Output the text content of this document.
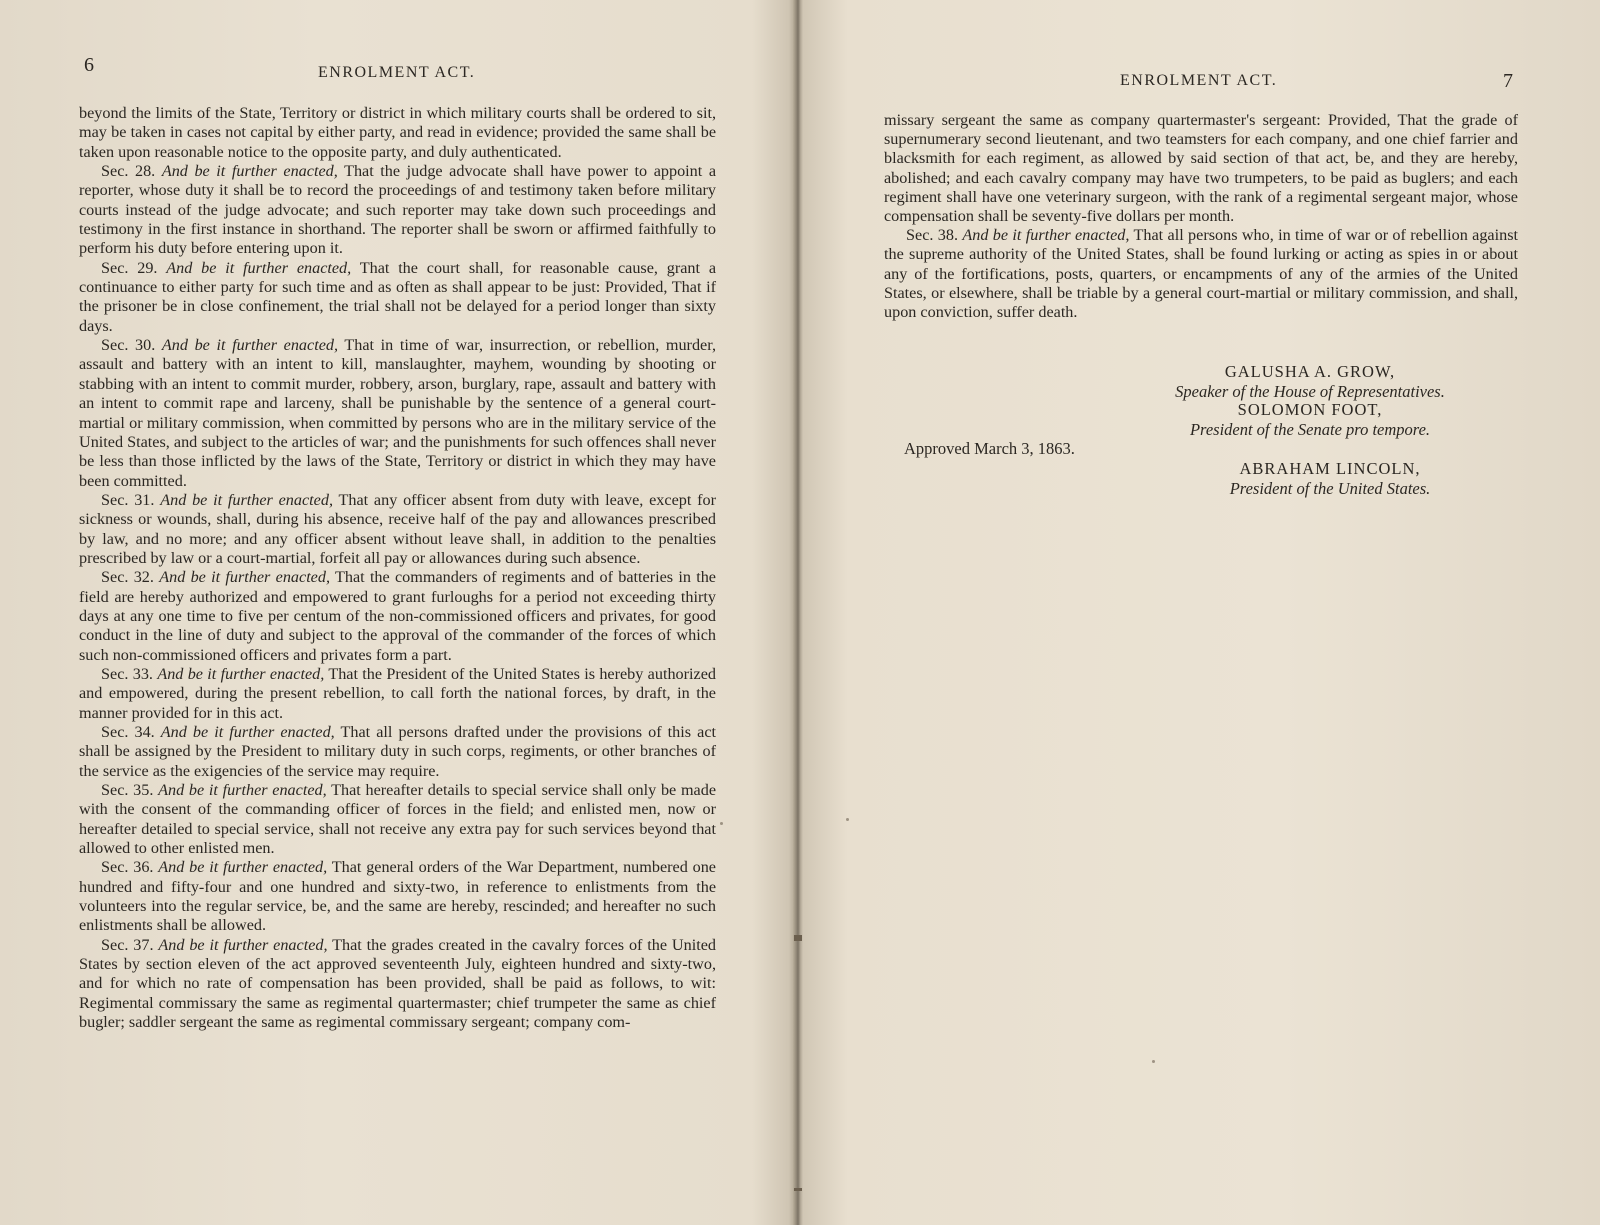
6	ENROLMENT ACT.

beyond the limits of the State, Territory or district in which military courts shall be ordered to sit, may be taken in cases not capital by either party, and read in evidence; provided the same shall be taken upon reasonable notice to the opposite party, and duly authenticated.

Sec. 28. And be it further enacted, That the judge advocate shall have power to appoint a reporter, whose duty it shall be to record the proceedings of and testimony taken before military courts instead of the judge advocate; and such reporter may take down such proceedings and testimony in the first instance in shorthand. The reporter shall be sworn or affirmed faithfully to perform his duty before entering upon it.

Sec. 29. And be it further enacted, That the court shall, for reasonable cause, grant a continuance to either party for such time and as often as shall appear to be just: Provided, That if the prisoner be in close confinement, the trial shall not be delayed for a period longer than sixty days.

Sec. 30. And be it further enacted, That in time of war, insurrection, or rebellion, murder, assault and battery with an intent to kill, manslaughter, mayhem, wounding by shooting or stabbing with an intent to commit murder, robbery, arson, burglary, rape, assault and battery with an intent to commit rape and larceny, shall be punishable by the sentence of a general court-martial or military commission, when committed by persons who are in the military service of the United States, and subject to the articles of war; and the punishments for such offences shall never be less than those inflicted by the laws of the State, Territory or district in which they may have been committed.

Sec. 31. And be it further enacted, That any officer absent from duty with leave, except for sickness or wounds, shall, during his absence, receive half of the pay and allowances prescribed by law, and no more; and any officer absent without leave shall, in addition to the penalties prescribed by law or a court-martial, forfeit all pay or allowances during such absence.

Sec. 32. And be it further enacted, That the commanders of regiments and of batteries in the field are hereby authorized and empowered to grant furloughs for a period not exceeding thirty days at any one time to five per centum of the non-commissioned officers and privates, for good conduct in the line of duty and subject to the approval of the commander of the forces of which such non-commissioned officers and privates form a part.

Sec. 33. And be it further enacted, That the President of the United States is hereby authorized and empowered, during the present rebellion, to call forth the national forces, by draft, in the manner provided for in this act.

Sec. 34. And be it further enacted, That all persons drafted under the provisions of this act shall be assigned by the President to military duty in such corps, regiments, or other branches of the service as the exigencies of the service may require.

Sec. 35. And be it further enacted, That hereafter details to special service shall only be made with the consent of the commanding officer of forces in the field; and enlisted men, now or hereafter detailed to special service, shall not receive any extra pay for such services beyond that allowed to other enlisted men.

Sec. 36. And be it further enacted, That general orders of the War Department, numbered one hundred and fifty-four and one hundred and sixty-two, in reference to enlistments from the volunteers into the regular service, be, and the same are hereby, rescinded; and hereafter no such enlistments shall be allowed.

Sec. 37. And be it further enacted, That the grades created in the cavalry forces of the United States by section eleven of the act approved seventeenth July, eighteen hundred and sixty-two, and for which no rate of compensation has been provided, shall be paid as follows, to wit: Regimental commissary the same as regimental quartermaster; chief trumpeter the same as chief bugler; saddler sergeant the same as regimental commissary sergeant; company com-

ENROLMENT ACT.	7

missary sergeant the same as company quartermaster's sergeant: Provided, That the grade of supernumerary second lieutenant, and two teamsters for each company, and one chief farrier and blacksmith for each regiment, as allowed by said section of that act, be, and they are hereby, abolished; and each cavalry company may have two trumpeters, to be paid as buglers; and each regiment shall have one veterinary surgeon, with the rank of a regimental sergeant major, whose compensation shall be seventy-five dollars per month.

Sec. 38. And be it further enacted, That all persons who, in time of war or of rebellion against the supreme authority of the United States, shall be found lurking or acting as spies in or about any of the fortifications, posts, quarters, or encampments of any of the armies of the United States, or elsewhere, shall be triable by a general court-martial or military commission, and shall, upon conviction, suffer death.

GALUSHA A. GROW,
Speaker of the House of Representatives.
SOLOMON FOOT,
President of the Senate pro tempore.
Approved March 3, 1863.
ABRAHAM LINCOLN,
President of the United States.
